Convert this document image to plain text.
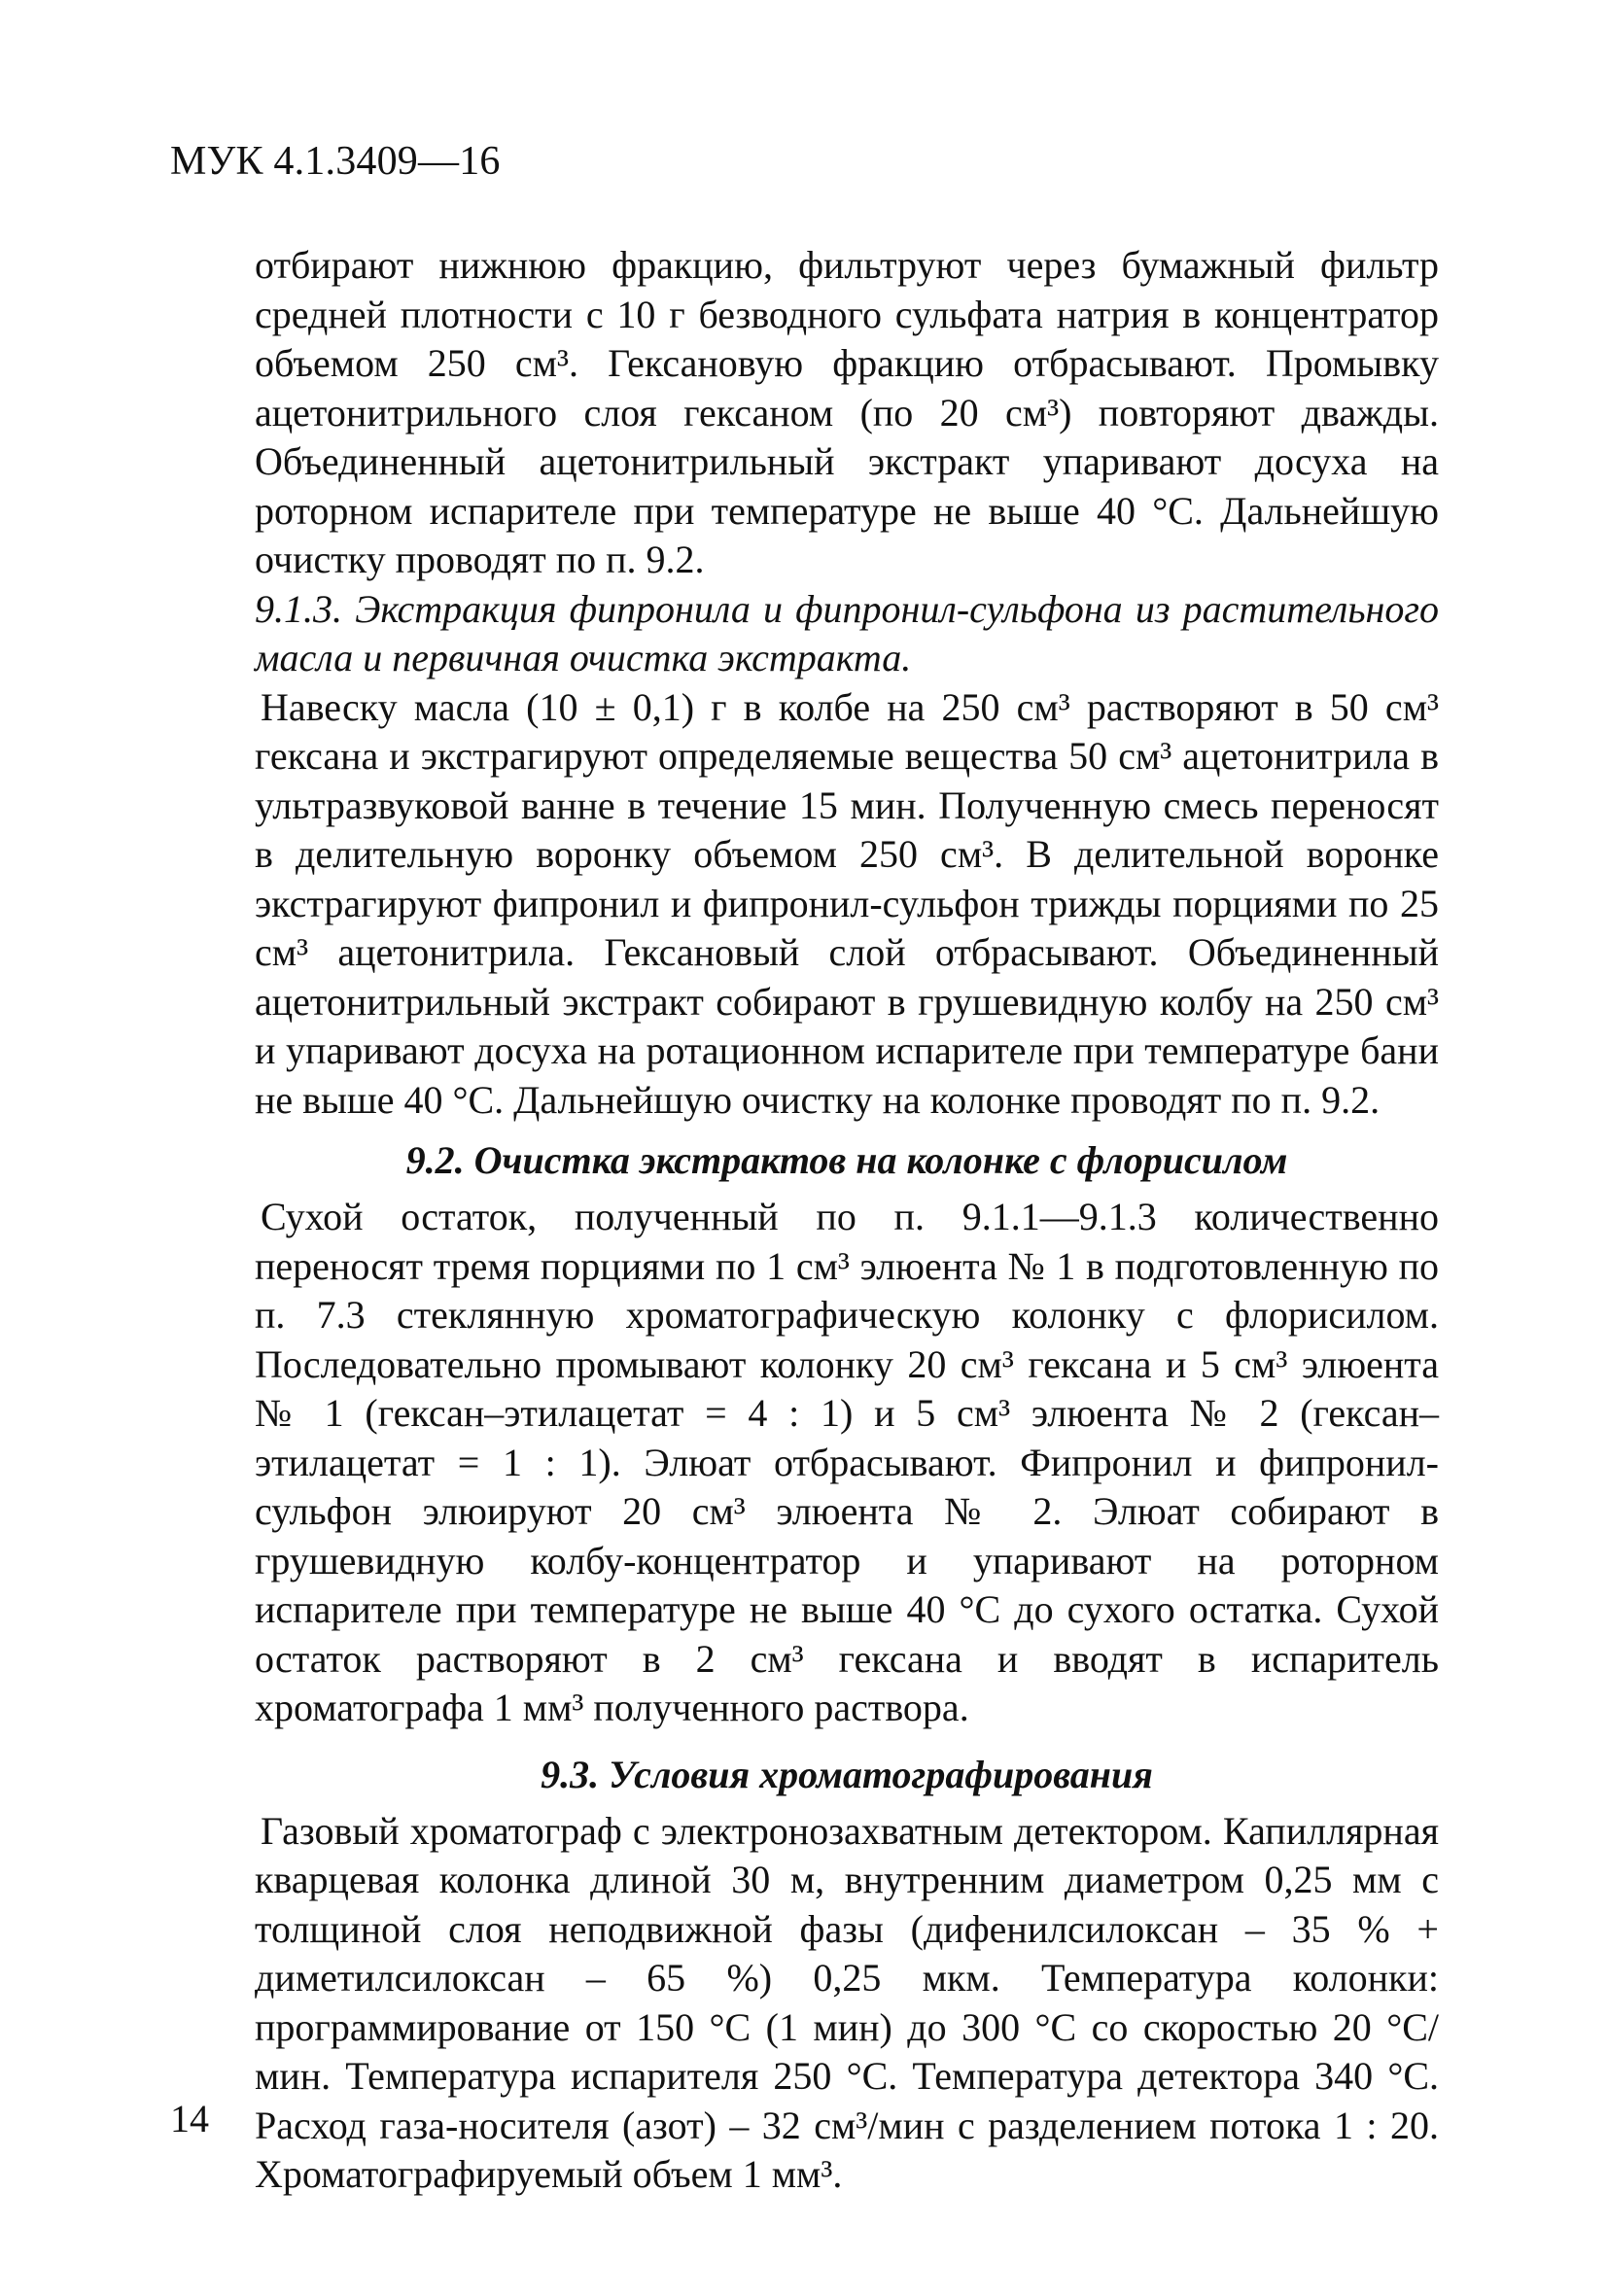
МУК 4.1.3409—16

отбирают нижнюю фракцию, фильтруют через бумажный фильтр средней плотности с 10 г безводного сульфата натрия в концентратор объемом 250 см³. Гексановую фракцию отбрасывают. Промывку ацетонитрильного слоя гексаном (по 20 см³) повторяют дважды. Объединенный ацетонитрильный экстракт упаривают досуха на роторном испарителе при температуре не выше 40 °С. Дальнейшую очистку проводят по п. 9.2.

9.1.3. Экстракция фипронила и фипронил-сульфона из растительного масла и первичная очистка экстракта.

Навеску масла (10 ± 0,1) г в колбе на 250 см³ растворяют в 50 см³ гексана и экстрагируют определяемые вещества 50 см³ ацетонитрила в ультразвуковой ванне в течение 15 мин. Полученную смесь переносят в делительную воронку объемом 250 см³. В делительной воронке экстрагируют фипронил и фипронил-сульфон трижды порциями по 25 см³ ацетонитрила. Гексановый слой отбрасывают. Объединенный ацетонитрильный экстракт собирают в грушевидную колбу на 250 см³ и упаривают досуха на ротационном испарителе при температуре бани не выше 40 °С. Дальнейшую очистку на колонке проводят по п. 9.2.

9.2. Очистка экстрактов на колонке с флорисилом

Сухой остаток, полученный по п. 9.1.1—9.1.3 количественно переносят тремя порциями по 1 см³ элюента № 1 в подготовленную по п. 7.3 стеклянную хроматографическую колонку с флорисилом. Последовательно промывают колонку 20 см³ гексана и 5 см³ элюента № 1 (гексан–этилацетат = 4 : 1) и 5 см³ элюента № 2 (гексан–этилацетат = 1 : 1). Элюат отбрасывают. Фипронил и фипронил-сульфон элюируют 20 см³ элюента № 2. Элюат собирают в грушевидную колбу-концентратор и упаривают на роторном испарителе при температуре не выше 40 °С до сухого остатка. Сухой остаток растворяют в 2 см³ гексана и вводят в испаритель хроматографа 1 мм³ полученного раствора.

9.3. Условия хроматографирования

Газовый хроматограф с электронозахватным детектором. Капиллярная кварцевая колонка длиной 30 м, внутренним диаметром 0,25 мм с толщиной слоя неподвижной фазы (дифенилсилоксан – 35 % + диметилсилоксан – 65 %) 0,25 мкм. Температура колонки: программирование от 150 °С (1 мин) до 300 °С со скоростью 20 °С/мин. Температура испарителя 250 °С. Температура детектора 340 °С. Расход газа-носителя (азот) – 32 см³/мин с разделением потока 1 : 20. Хроматографируемый объем 1 мм³.

14
